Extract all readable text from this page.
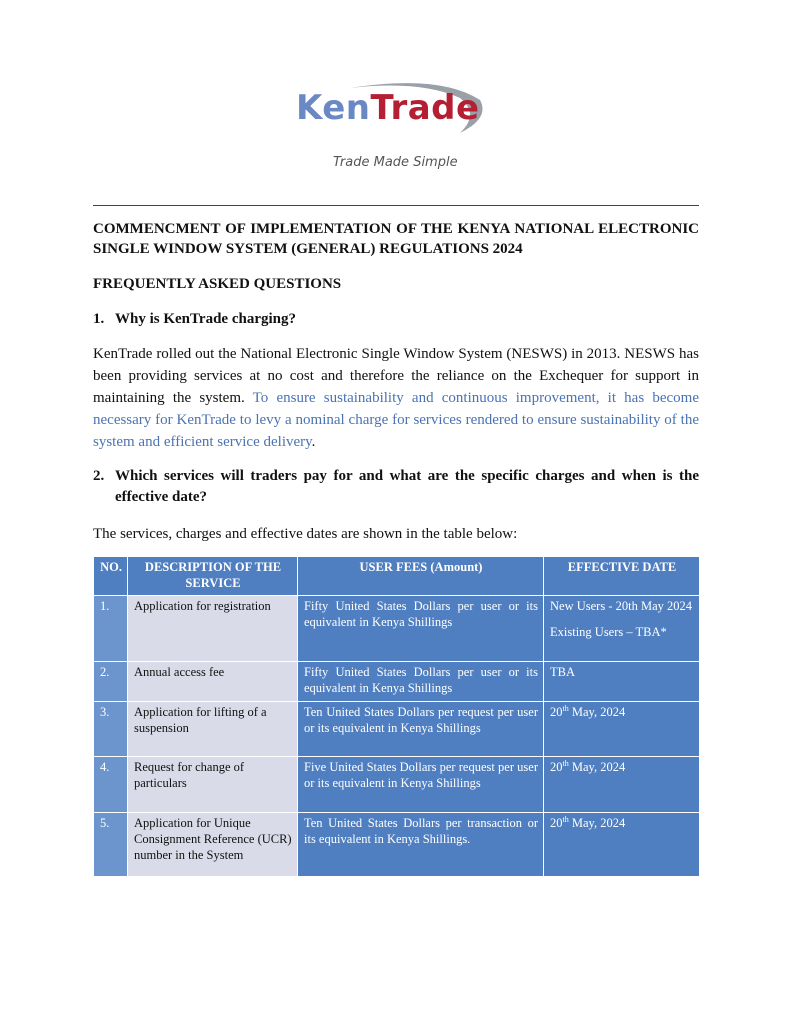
KenTrade
Trade Made Simple
COMMENCMENT OF IMPLEMENTATION OF THE KENYA NATIONAL ELECTRONIC SINGLE WINDOW SYSTEM (GENERAL) REGULATIONS 2024
FREQUENTLY ASKED QUESTIONS
1. Why is KenTrade charging?
KenTrade rolled out the National Electronic Single Window System (NESWS) in 2013. NESWS has been providing services at no cost and therefore the reliance on the Exchequer for support in maintaining the system. To ensure sustainability and continuous improvement, it has become necessary for KenTrade to levy a nominal charge for services rendered to ensure sustainability of the system and efficient service delivery.
2. Which services will traders pay for and what are the specific charges and when is the effective date?
The services, charges and effective dates are shown in the table below:
NO.	DESCRIPTION OF THE SERVICE	USER FEES (Amount)	EFFECTIVE DATE
1.	Application for registration	Fifty United States Dollars per user or its equivalent in Kenya Shillings	New Users - 20th May 2024
Existing Users – TBA*

2.	Annual access fee	Fifty United States Dollars per user or its equivalent in Kenya Shillings	TBA
3.	Application for lifting of a suspension	Ten United States Dollars per request per user or its equivalent in Kenya Shillings	20th May, 2024
4.	Request for change of particulars	Five United States Dollars per request per user or its equivalent in Kenya Shillings	20th May, 2024
5.	Application for Unique Consignment Reference (UCR) number in the System	Ten United States Dollars per transaction or its equivalent in Kenya Shillings.	20th May, 2024
